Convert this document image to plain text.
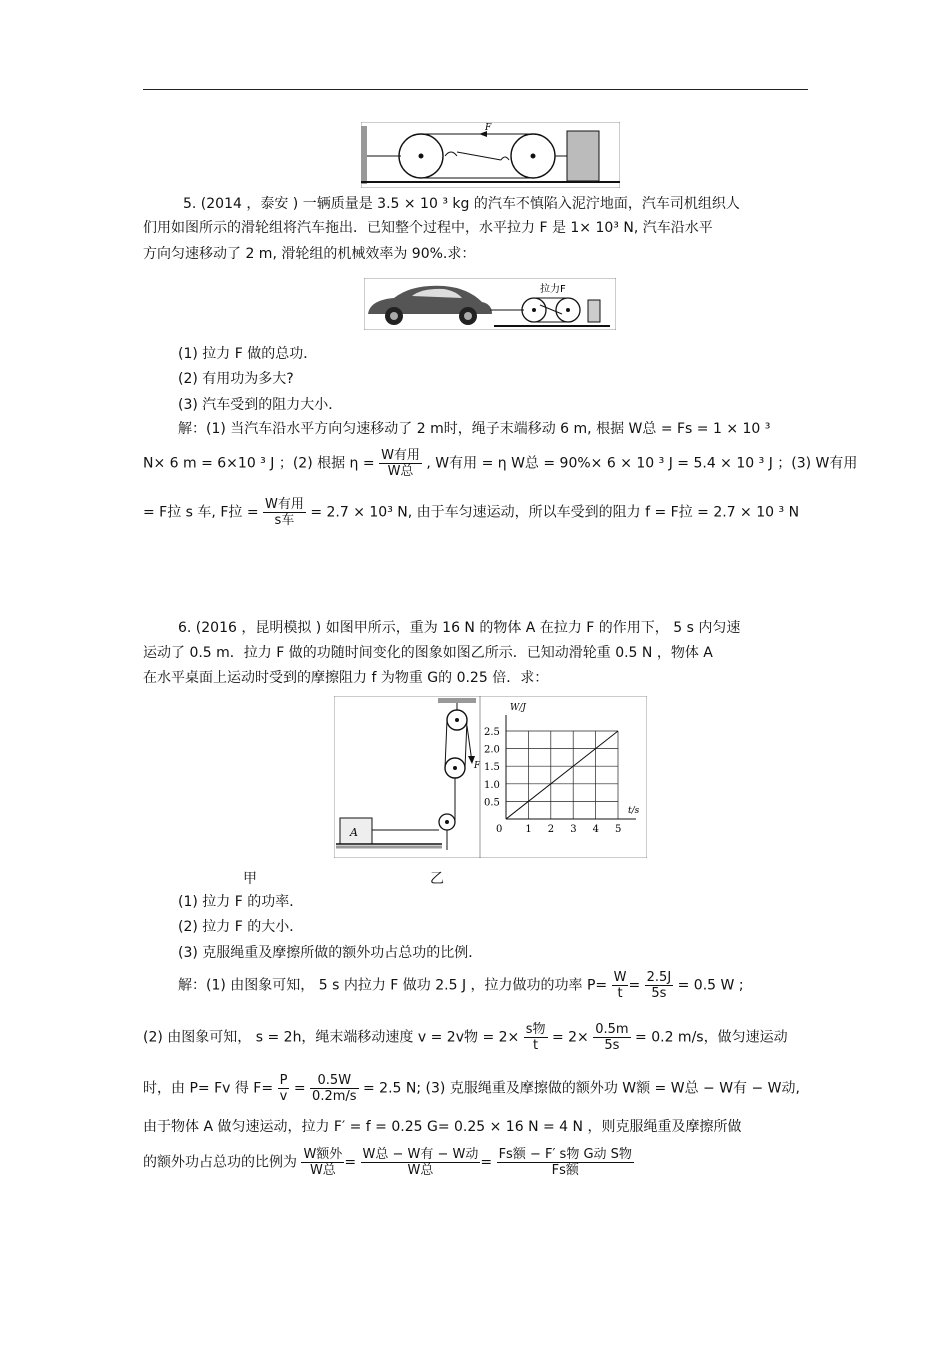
F
5. (2014 ，泰安 ) 一辆质量是 3.5 × 10 ³ kg 的汽车不慎陷入泥泞地面，汽车司机组织人
们用如图所示的滑轮组将汽车拖出．已知整个过程中，水平拉力 F 是 1× 10³ N, 汽车沿水平
方向匀速移动了 2 m, 滑轮组的机械效率为 90%.求：
拉力F
(1) 拉力 F 做的总功．
(2) 有用功为多大?
(3) 汽车受到的阻力大小．
解：(1) 当汽车沿水平方向匀速移动了 2 m时，绳子末端移动 6 m, 根据 W总 = Fs = 1 × 10 ³
N× 6 m = 6×10 ³ J ；(2) 根据 $\eta = \frac{\text{W有用}}{\text{W总}}$ , W有用 = η W总 = 90%× 6 × 10 ³ J = 5.4 × 10 ³ J ；(3) W有用
= F拉 s 车, F拉 = $\frac{\text{W有用}}{\text{s车}} = 2.7 \times 10^3$ N, 由于车匀速运动，所以车受到的阻力 f = F拉 = 2.7 × 10 ³ N
6. (2016 ，昆明模拟 ) 如图甲所示，重为 16 N 的物体 A 在拉力 F 的作用下， 5 s 内匀速
运动了 0.5 m．拉力 F 做的功随时间变化的图象如图乙所示．已知动滑轮重 0.5 N ，物体 A
在水平桌面上运动时受到的摩擦阻力 f 为物重 G的 0.25 倍．求：
F
A	0 1 2 3 4 5
0.5
1.0
1.5
2.0
2.5
W/J
t/s
甲	乙
(1) 拉力 F 的功率．
(2) 拉力 F 的大小．
(3) 克服绳重及摩擦所做的额外功占总功的比例．
解：(1) 由图象可知， 5 s 内拉力 F 做功 2.5 J ，拉力做功的功率 $P= \frac{W}{t} = \frac{2.5J}{5s} = 0.5$ W ;
(2) 由图象可知， s = 2h，绳末端移动速度 v = 2v物 = $2\times \frac{\text{s物}}{t} = 2\times \frac{0.5m}{5s} = 0.2$ m/s，做匀速运动
时，由 P= Fv 得 $F= \frac{P}{v} = \frac{0.5W}{0.2m/s} = 2.5$ N; (3) 克服绳重及摩擦做的额外功 W额 = W总 − W有 − W动,
由于物体 A 做匀速运动，拉力 F′ = f = 0.25 G= 0.25 × 16 N = 4 N ，则克服绳重及摩擦所做
的额外功占总功的比例为 $\frac{\text{W额外}}{\text{W总}} = \frac{\text{W总 − W有 − W动}}{\text{W总}} = \frac{\text{Fs额 − F′ s物 G动 S物}}{\text{Fs额}}$
